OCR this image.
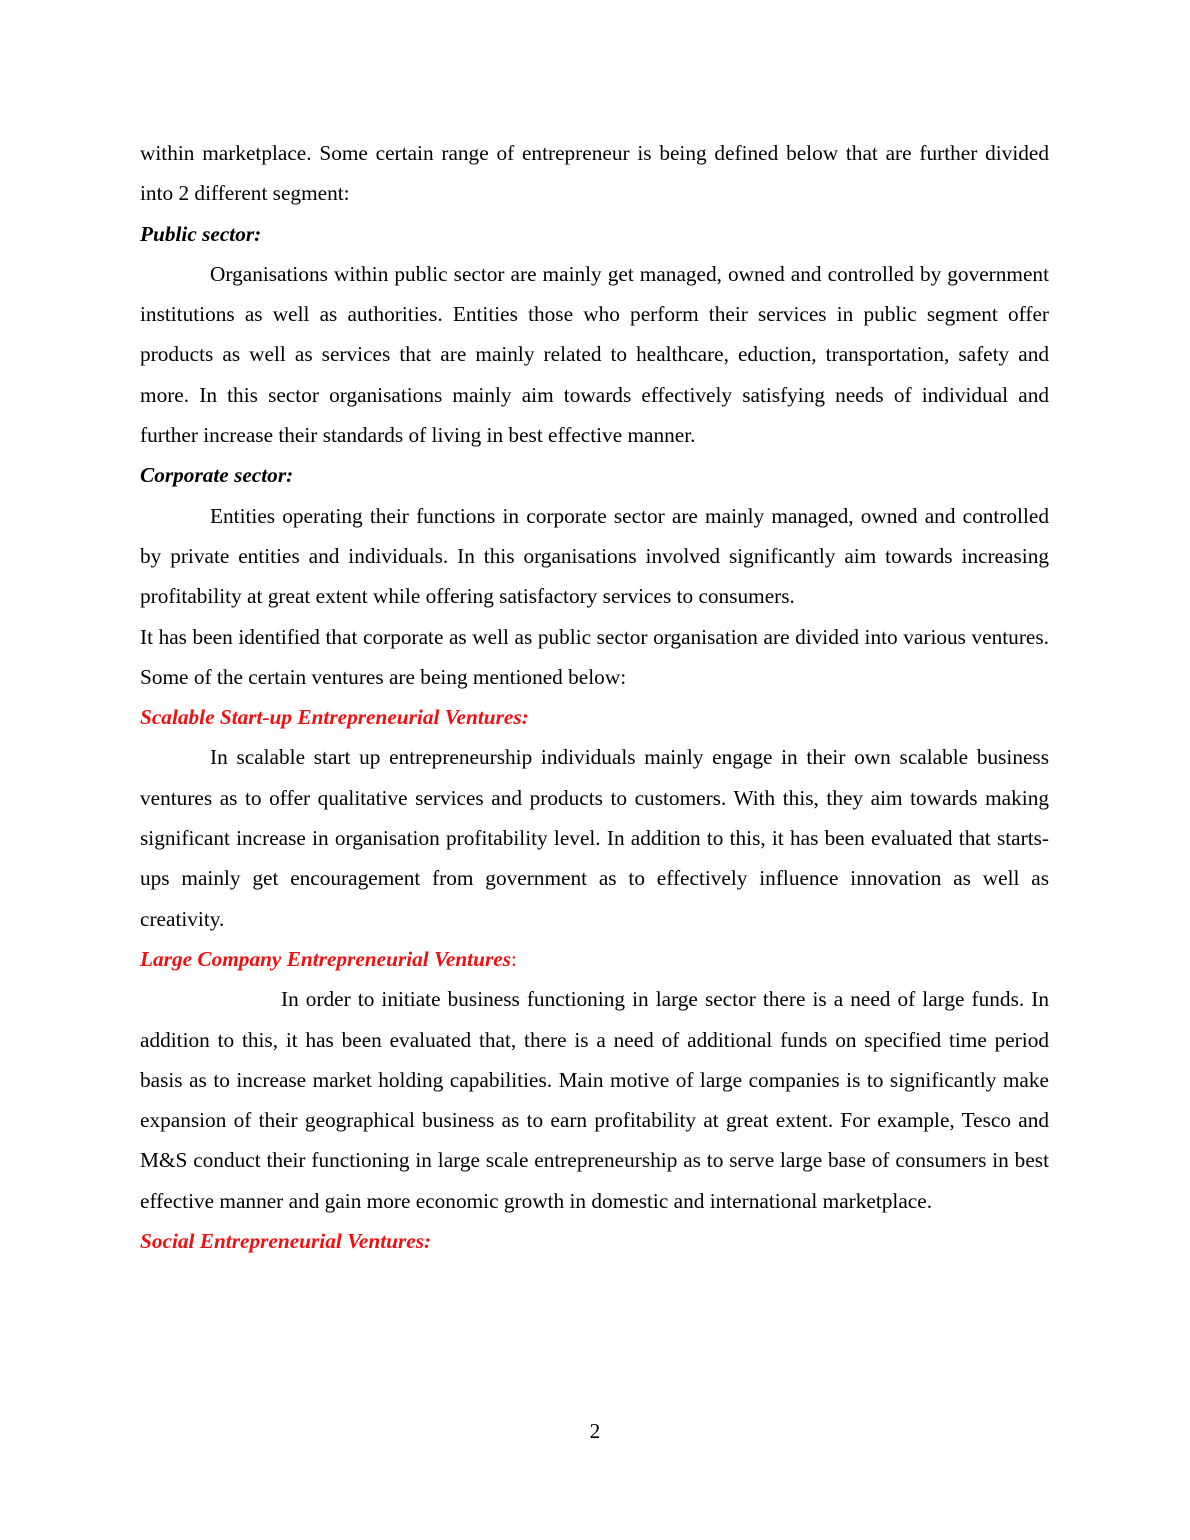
within marketplace. Some certain range of entrepreneur is being defined below that are further divided into 2 different segment:

Public sector:

Organisations within public sector are mainly get managed, owned and controlled by government institutions as well as authorities. Entities those who perform their services in public segment offer products as well as services that are mainly related to healthcare, eduction, transportation, safety and more. In this sector organisations mainly aim towards effectively satisfying needs of individual and further increase their standards of living in best effective manner.

Corporate sector:

Entities operating their functions in corporate sector are mainly managed, owned and controlled by private entities and individuals. In this organisations involved significantly aim towards increasing profitability at great extent while offering satisfactory services to consumers.

It has been identified that corporate as well as public sector organisation are divided into various ventures. Some of the certain ventures are being mentioned below:

Scalable Start-up Entrepreneurial Ventures:

In scalable start up entrepreneurship individuals mainly engage in their own scalable business ventures as to offer qualitative services and products to customers. With this, they aim towards making significant increase in organisation profitability level. In addition to this, it has been evaluated that starts-ups mainly get encouragement from government as to effectively influence innovation as well as creativity.

Large Company Entrepreneurial Ventures:

In order to initiate business functioning in large sector there is a need of large funds. In addition to this, it has been evaluated that, there is a need of additional funds on specified time period basis as to increase market holding capabilities. Main motive of large companies is to significantly make expansion of their geographical business as to earn profitability at great extent. For example, Tesco and M&S conduct their functioning in large scale entrepreneurship as to serve large base of consumers in best effective manner and gain more economic growth in domestic and international marketplace.

Social Entrepreneurial Ventures:

2
